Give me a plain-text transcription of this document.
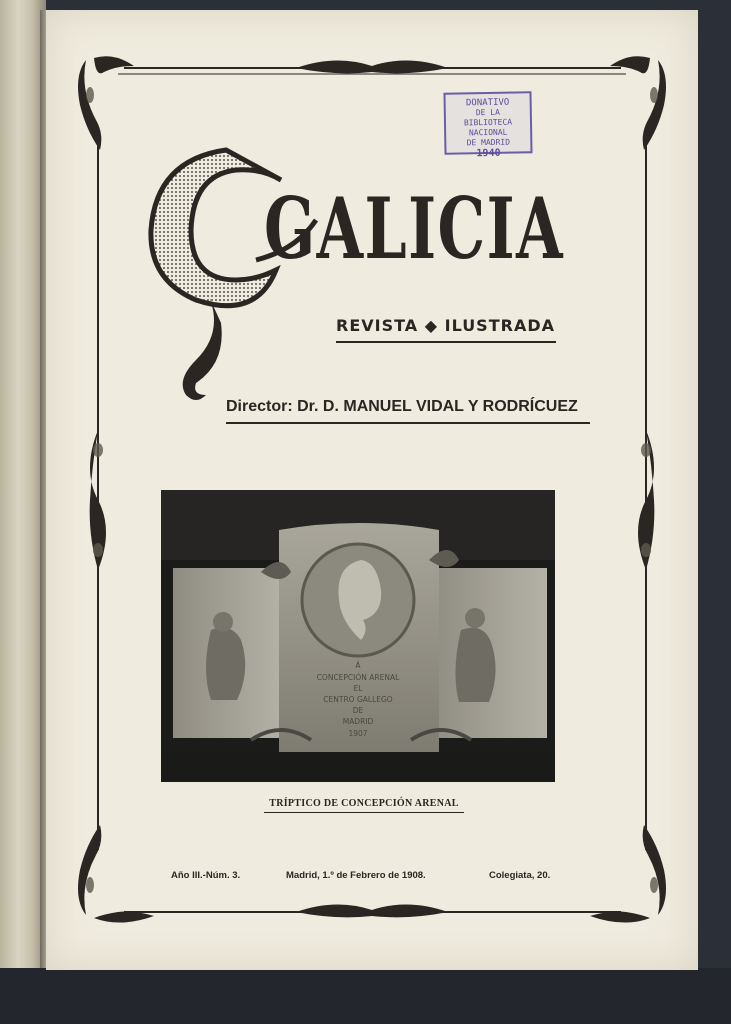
DONATIVO
DE LA
BIBLIOTECA NACIONAL
DE MADRID
1940
GALICIA
REVISTA ◆ ILUSTRADA
Director: Dr. D. MANUEL VIDAL Y RODRÍCUEZ
Á
CONCEPCIÓN ARENAL
EL
CENTRO GALLEGO
DE
MADRID
1907
TRÍPTICO DE CONCEPCIÓN ARENAL
Año III.-Núm. 3.	Madrid, 1.º de Febrero de 1908.	Colegiata, 20.
